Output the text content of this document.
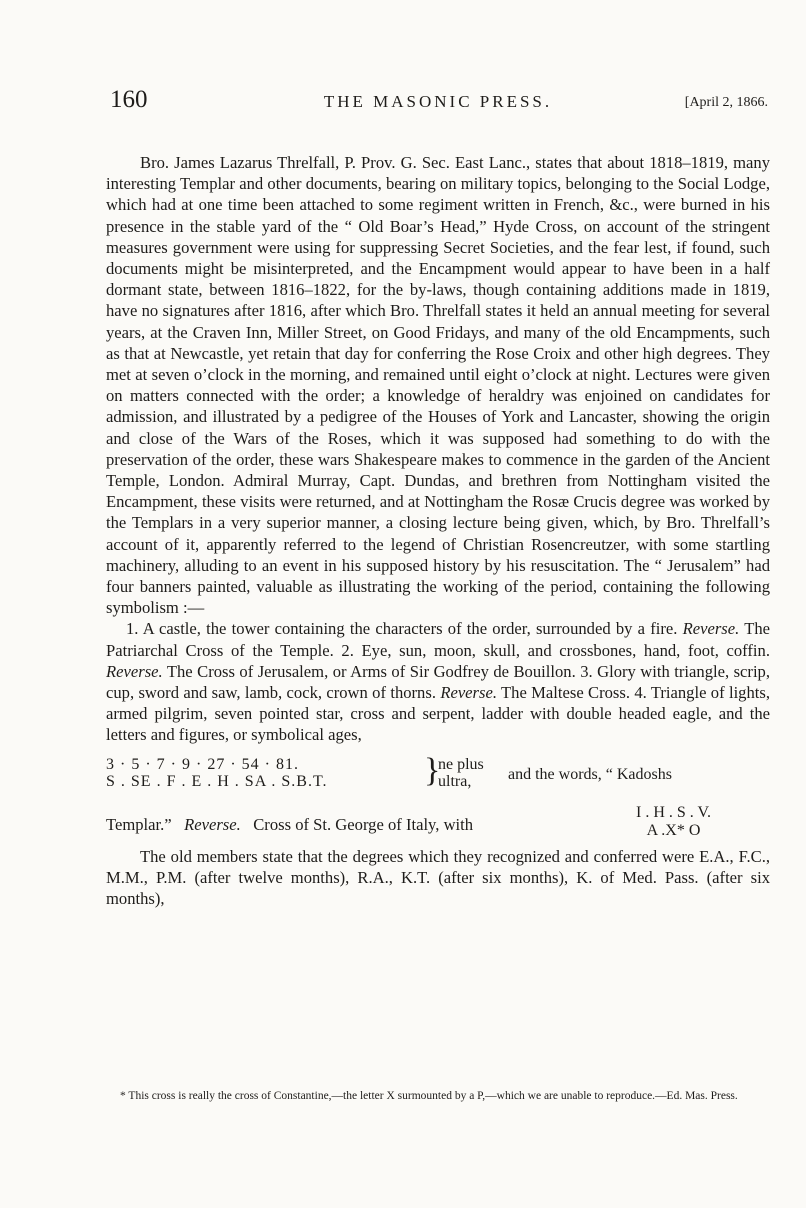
160	THE MASONIC PRESS.	[April 2, 1866.

Bro. James Lazarus Threlfall, P. Prov. G. Sec. East Lanc., states that about 1818–1819, many interesting Templar and other documents, bearing on military topics, belonging to the Social Lodge, which had at one time been attached to some regiment written in French, &c., were burned in his presence in the stable yard of the “ Old Boar’s Head,” Hyde Cross, on account of the stringent measures government were using for suppressing Secret Societies, and the fear lest, if found, such documents might be misinterpreted, and the Encampment would appear to have been in a half dormant state, between 1816–1822, for the by-laws, though containing additions made in 1819, have no signatures after 1816, after which Bro. Threlfall states it held an annual meeting for several years, at the Craven Inn, Miller Street, on Good Fridays, and many of the old Encampments, such as that at Newcastle, yet retain that day for conferring the Rose Croix and other high degrees. They met at seven o’clock in the morning, and remained until eight o’clock at night. Lectures were given on matters connected with the order; a knowledge of heraldry was enjoined on candidates for admission, and illustrated by a pedigree of the Houses of York and Lancaster, showing the origin and close of the Wars of the Roses, which it was supposed had something to do with the preservation of the order, these wars Shakespeare makes to commence in the garden of the Ancient Temple, London. Admiral Murray, Capt. Dundas, and brethren from Nottingham visited the Encampment, these visits were returned, and at Nottingham the Rosæ Crucis degree was worked by the Templars in a very superior manner, a closing lecture being given, which, by Bro. Threlfall’s account of it, apparently referred to the legend of Christian Rosencreutzer, with some startling machinery, alluding to an event in his supposed history by his resuscitation. The “ Jerusalem” had four banners painted, valuable as illustrating the working of the period, containing the following symbolism :—

1. A castle, the tower containing the characters of the order, surrounded by a fire. Reverse. The Patriarchal Cross of the Temple. 2. Eye, sun, moon, skull, and crossbones, hand, foot, coffin. Reverse. The Cross of Jerusalem, or Arms of Sir Godfrey de Bouillon. 3. Glory with triangle, scrip, cup, sword and saw, lamb, cock, crown of thorns. Reverse. The Maltese Cross. 4. Triangle of lights, armed pilgrim, seven pointed star, cross and serpent, ladder with double headed eagle, and the letters and figures, or symbolical ages,

3 · 5 · 7 · 9 · 27 · 54 · 81.
S . SE . F . E . H . SA . S.B.T.	}
ne plus
ultra,	and the words, “ Kadoshs
Templar.” Reverse. Cross of St. George of Italy, with
I . H . S . V.
A .X* O

The old members state that the degrees which they recognized and conferred were E.A., F.C., M.M., P.M. (after twelve months), R.A., K.T. (after six months), K. of Med. Pass. (after six months),

* This cross is really the cross of Constantine,—the letter X surmounted by a P,—which we are unable to reproduce.—Ed. Mas. Press.
